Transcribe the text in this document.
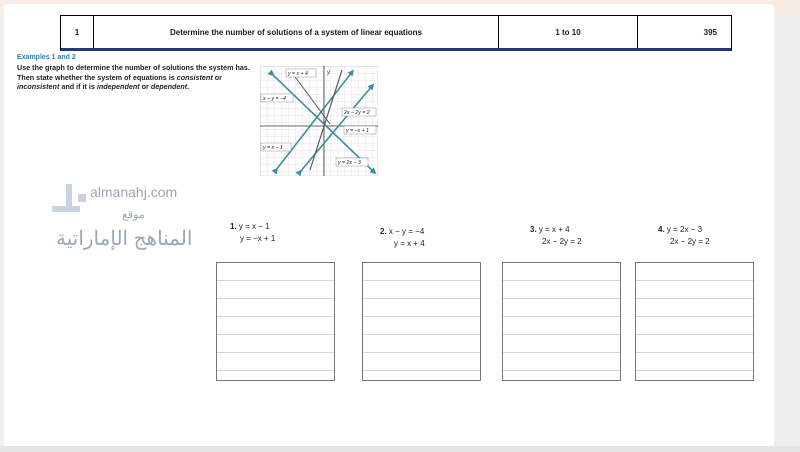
1	Determine the number of solutions of a system of linear equations	1 to 10	395
Examples 1 and 2
Use the graph to determine the number of solutions the system has. Then state whether the system of equations is consistent or inconsistent and if it is independent or dependent.
y
y = x + 4
x − y = −4
2x − 2y = 2
y = −x + 1
y = x − 1
y = 2x − 3
almanahj.com
موقع
المناهج الإماراتية
1. y = x − 1
y = −x + 1
2. x − y = −4
y = x + 4
3. y = x + 4
2x − 2y = 2
4. y = 2x − 3
2x − 2y = 2
